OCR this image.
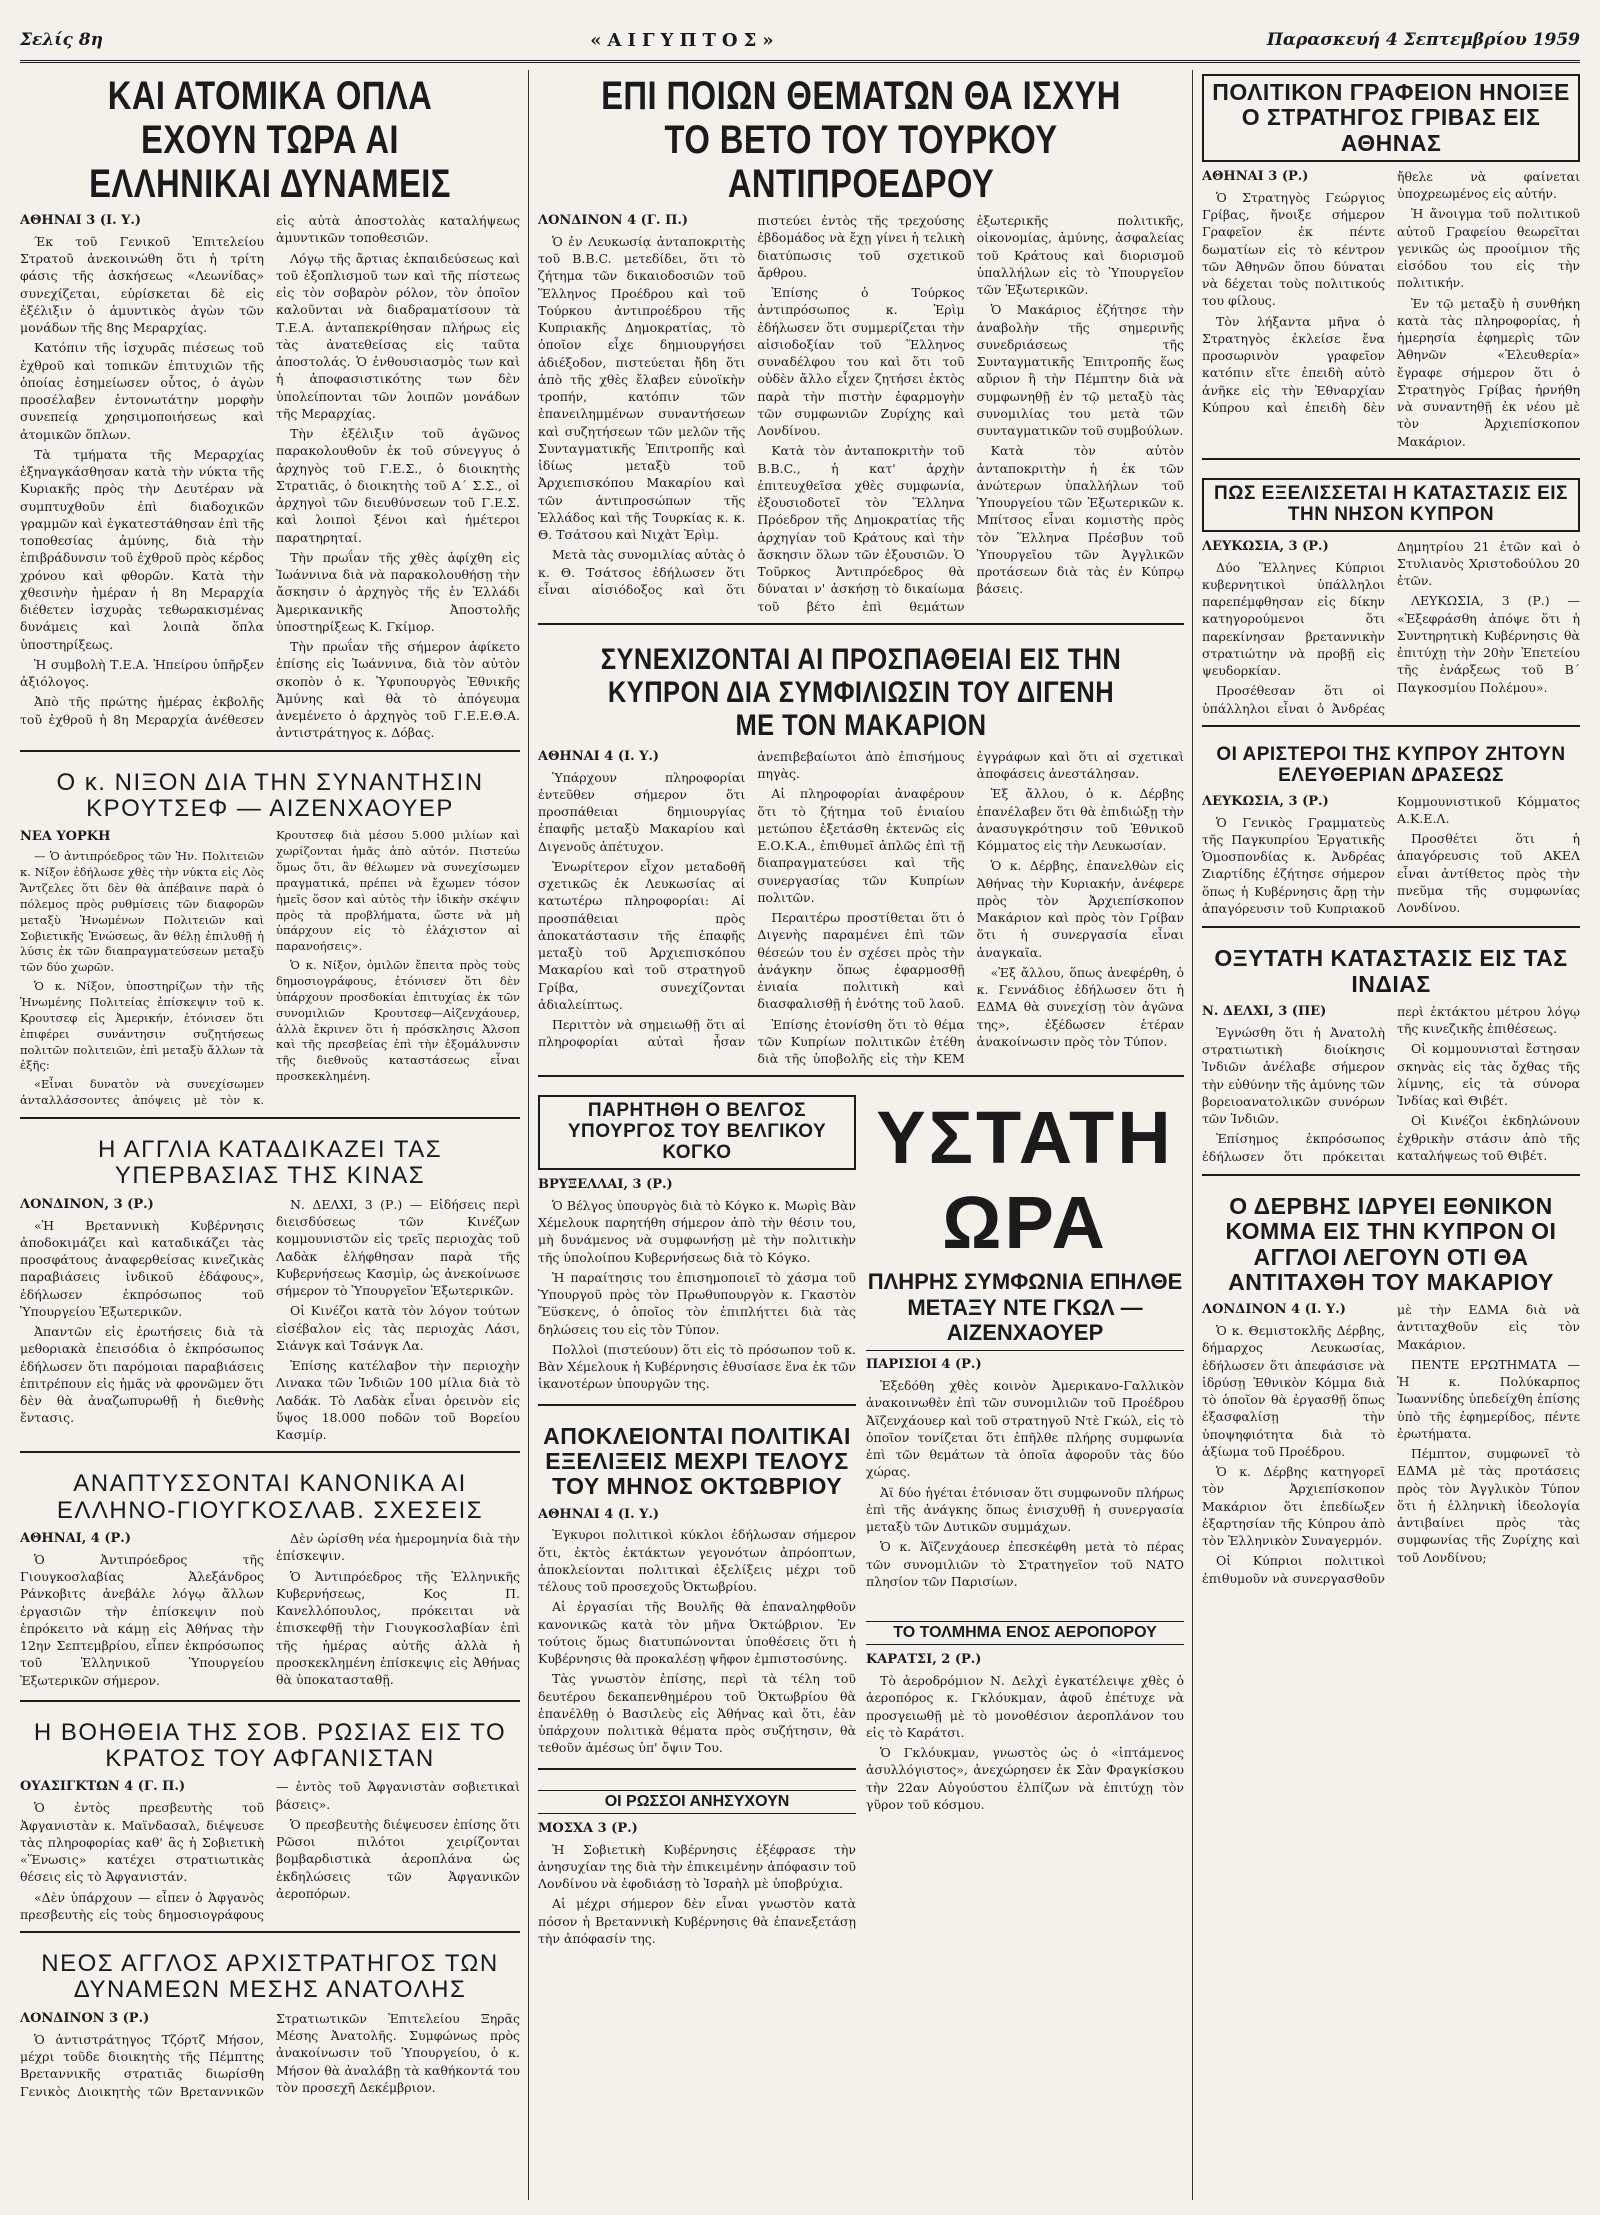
Σελίς 8η	«ΑΙΓΥΠΤΟΣ»	Παρασκευή 4 Σεπτεμβρίου 1959
ΚΑΙ ΑΤΟΜΙΚΑ ΟΠΛΑ ΕΧΟΥΝ ΤΩΡΑ ΑΙ ΕΛΛΗΝΙΚΑΙ ΔΥΝΑΜΕΙΣ
ΑΘΗΝΑΙ 3 (Ι. Υ.)

Έκ τοῦ Γενικοῦ Ἐπιτελείου Στρατοῦ ἀνεκοινώθη ὅτι ἡ τρίτη φάσις τῆς ἀσκήσεως «Λεωνίδας» συνεχίζεται, εὑρίσκεται δὲ εἰς ἐξέλιξιν ὁ ἀμυντικὸς ἀγὼν τῶν μονάδων τῆς 8ης Μεραρχίας.

Κατόπιν τῆς ἰσχυρᾶς πιέσεως τοῦ ἐχθροῦ καὶ τοπικῶν ἐπιτυχιῶν τῆς ὁποίας ἐσημείωσεν οὗτος, ὁ ἀγὼν προσέλαβεν ἐντονωτάτην μορφὴν συνεπείᾳ χρησιμοποιήσεως καὶ ἀτομικῶν ὅπλων.

Τὰ τμήματα τῆς Μεραρχίας ἐξηναγκάσθησαν κατὰ τὴν νύκτα τῆς Κυριακῆς πρὸς τὴν Δευτέραν νὰ συμπτυχθοῦν ἐπὶ διαδοχικῶν γραμμῶν καὶ ἐγκατεστάθησαν ἐπὶ τῆς τοποθεσίας ἀμύνης, διὰ τὴν ἐπιβράδυνσιν τοῦ ἐχθροῦ πρὸς κέρδος χρόνου καὶ φθορῶν. Κατὰ τὴν χθεσινὴν ἡμέραν ἡ 8η Μεραρχία διέθετεν ἰσχυρὰς τεθωρακισμένας δυνάμεις καὶ λοιπὰ ὅπλα ὑποστηρίξεως.

Ἡ συμβολὴ Τ.Ε.Α. Ἠπείρου ὑπῆρξεν ἀξιόλογος.

Ἀπὸ τῆς πρώτης ἡμέρας ἐκβολῆς τοῦ ἐχθροῦ ἡ 8η Μεραρχία ἀνέθεσεν εἰς αὐτὰ ἀποστολὰς καταλήψεως ἀμυντικῶν τοποθεσιῶν.

Λόγῳ τῆς ἄρτιας ἐκπαιδεύσεως καὶ τοῦ ἐξοπλισμοῦ των καὶ τῆς πίστεως εἰς τὸν σοβαρὸν ρόλον, τὸν ὁποῖον καλοῦνται νὰ διαδραματίσουν τὰ Τ.Ε.Α. ἀνταπεκρίθησαν πλήρως εἰς τὰς ἀνατεθείσας εἰς ταῦτα ἀποστολάς. Ὁ ἐνθουσιασμὸς των καὶ ἡ ἀποφασιστικότης των δὲν ὑπολείπονται τῶν λοιπῶν μονάδων τῆς Μεραρχίας.

Τὴν ἐξέλιξιν τοῦ ἀγῶνος παρακολουθοῦν ἐκ τοῦ σύνεγγυς ὁ ἀρχηγὸς τοῦ Γ.Ε.Σ., ὁ διοικητὴς Στρατιᾶς, ὁ διοικητὴς τοῦ Α΄ Σ.Σ., οἱ ἀρχηγοὶ τῶν διευθύνσεων τοῦ Γ.Ε.Σ. καὶ λοιποὶ ξένοι καὶ ἡμέτεροι παρατηρηταί.

Τὴν πρωΐαν τῆς χθὲς ἀφίχθη εἰς Ἰωάννινα διὰ νὰ παρακολουθήσῃ τὴν ἄσκησιν ὁ ἀρχηγὸς τῆς ἐν Ἑλλάδι Ἀμερικανικῆς Ἀποστολῆς ὑποστηρίξεως Κ. Γκίμορ.

Τὴν πρωΐαν τῆς σήμερον ἀφίκετο ἐπίσης εἰς Ἰωάννινα, διὰ τὸν αὐτὸν σκοπὸν ὁ κ. Ὑφυπουργὸς Ἐθνικῆς Ἀμύνης καὶ θὰ τὸ ἀπόγευμα ἀνεμένετο ὁ ἀρχηγὸς τοῦ Γ.Ε.Ε.Θ.Α. ἀντιστράτηγος κ. Δόβας.

Ο κ. ΝΙΞΟΝ ΔΙΑ ΤΗΝ ΣΥΝΑΝΤΗΣΙΝ ΚΡΟΥΤΣΕΦ — ΑΙΖΕΝΧΑΟΥΕΡ
ΝΕΑ ΥΟΡΚΗ

— Ὁ ἀντιπρόεδρος τῶν Ἡν. Πολιτειῶν κ. Νίξον ἐδήλωσε χθὲς τὴν νύκτα εἰς Λὸς Ἄντζελες ὅτι δὲν θὰ ἀπέβαινε παρὰ ὁ πόλεμος πρὸς ρυθμίσεις τῶν διαφορῶν μεταξὺ Ἡνωμένων Πολιτειῶν καὶ Σοβιετικῆς Ἑνώσεως, ἂν θέλῃ ἐπιλυθῇ ἡ λύσις ἐκ τῶν διαπραγματεύσεων μεταξὺ τῶν δύο χωρῶν.

Ὁ κ. Νίξον, ὑποστηρίζων τὴν τῆς Ἡνωμένης Πολιτείας ἐπίσκεψιν τοῦ κ. Κρουτσεφ εἰς Ἀμερικήν, ἐτόνισεν ὅτι ἐπιφέρει συνάντησιν συζητήσεως πολιτῶν πολιτειῶν, ἐπὶ μεταξὺ ἄλλων τὰ ἑξῆς:

«Εἶναι δυνατὸν νὰ συνεχίσωμεν ἀνταλλάσσοντες ἀπόψεις μὲ τὸν κ. Κρουτσεφ διὰ μέσου 5.000 μιλίων καὶ χωρίζονται ἡμᾶς ἀπὸ αὐτόν. Πιστεύω ὅμως ὅτι, ἂν θέλωμεν νὰ συνεχίσωμεν πραγματικά, πρέπει νὰ ἔχωμεν τόσον ἡμεῖς ὅσον καὶ αὐτὸς τὴν ἰδικὴν σκέψιν πρὸς τὰ προβλήματα, ὥστε νὰ μὴ ὑπάρχουν εἰς τὸ ἐλάχιστον αἱ παρανοήσεις».

Ὁ κ. Νίξον, ὁμιλῶν ἔπειτα πρὸς τοὺς δημοσιογράφους, ἐτόνισεν ὅτι δὲν ὑπάρχουν προσδοκίαι ἐπιτυχίας ἐκ τῶν συνομιλιῶν Κρουτσεφ—Αἰζενχάουερ, ἀλλὰ ἔκρινεν ὅτι ἡ πρόσκλησις Ἀλσοπ καὶ τῆς πρεσβείας ἐπὶ τὴν ἐξομάλυνσιν τῆς διεθνοῦς καταστάσεως εἶναι προσκεκλημένη.

Η ΑΓΓΛΙΑ ΚΑΤΑΔΙΚΑΖΕΙ ΤΑΣ ΥΠΕΡΒΑΣΙΑΣ ΤΗΣ ΚΙΝΑΣ
ΛΟΝΔΙΝΟΝ, 3 (Ρ.)

«Ἡ Βρεταννικὴ Κυβέρνησις ἀποδοκιμάζει καὶ καταδικάζει τὰς προσφάτους ἀναφερθείσας κινεζικὰς παραβιάσεις ἰνδικοῦ ἐδάφους», ἐδήλωσεν ἐκπρόσωπος τοῦ Ὑπουργείου Ἐξωτερικῶν.

Ἀπαντῶν εἰς ἐρωτήσεις διὰ τὰ μεθοριακὰ ἐπεισόδια ὁ ἐκπρόσωπος ἐδήλωσεν ὅτι παρόμοιαι παραβιάσεις ἐπιτρέπουν εἰς ἡμᾶς νὰ φρονῶμεν ὅτι δὲν θὰ ἀναζωπυρωθῇ ἡ διεθνὴς ἔντασις.

Ν. ΔΕΛΧΙ, 3 (Ρ.) — Εἰδήσεις περὶ διεισδύσεως τῶν Κινέζων κομμουνιστῶν εἰς τρεῖς περιοχὰς τοῦ Λαδὰκ ἐλήφθησαν παρὰ τῆς Κυβερνήσεως Κασμὶρ, ὡς ἀνεκοίνωσε σήμερον τὸ Ὑπουργεῖον Ἐξωτερικῶν.

Οἱ Κινέζοι κατὰ τὸν λόγον τούτων εἰσέβαλον εἰς τὰς περιοχὰς Λάσι, Σιάνγκ καὶ Τσάνγκ Λα.

Ἐπίσης κατέλαβον τὴν περιοχὴν Λινακα τῶν Ἰνδιῶν 100 μίλια διὰ τὸ Λαδάκ. Τὸ Λαδὰκ εἶναι ὁρεινὸν εἰς ὕψος 18.000 ποδῶν τοῦ Βορείου Κασμίρ.

ΑΝΑΠΤΥΣΣΟΝΤΑΙ ΚΑΝΟΝΙΚΑ ΑΙ ΕΛΛΗΝΟ-ΓΙΟΥΓΚΟΣΛΑΒ. ΣΧΕΣΕΙΣ
ΑΘΗΝΑΙ, 4 (Ρ.)

Ὁ Ἀντιπρόεδρος τῆς Γιουγκοσλαβίας Ἀλεξάνδρος Ράνκοβιτς ἀνεβάλε λόγῳ ἄλλων ἐργασιῶν τὴν ἐπίσκεψιν ποὺ ἐπρόκειτο νὰ κάμῃ εἰς Ἀθήνας τὴν 12ην Σεπτεμβρίου, εἶπεν ἐκπρόσωπος τοῦ Ἑλληνικοῦ Ὑπουργείου Ἐξωτερικῶν σήμερον.

Δὲν ὡρίσθη νέα ἡμερομηνία διὰ τὴν ἐπίσκεψιν.

Ὁ Ἀντιπρόεδρος τῆς Ἑλληνικῆς Κυβερνήσεως, Κος Π. Κανελλόπουλος, πρόκειται νὰ ἐπισκεφθῇ τὴν Γιουγκοσλαβίαν ἐπὶ τῆς ἡμέρας αὐτῆς ἀλλὰ ἡ προσκεκλημένη ἐπίσκεψις εἰς Ἀθήνας θὰ ὑποκατασταθῇ.

Η ΒΟΗΘΕΙΑ ΤΗΣ ΣΟΒ. ΡΩΣΙΑΣ ΕΙΣ ΤΟ ΚΡΑΤΟΣ ΤΟΥ ΑΦΓΑΝΙΣΤΑΝ
ΟΥΑΣΙΓΚΤΩΝ 4 (Γ. Π.)

Ὁ ἐντὸς πρεσβευτὴς τοῦ Ἀφγανιστὰν κ. Μαϊνδασαλ, διέψευσε τὰς πληροφορίας καθ' ἃς ἡ Σοβιετικὴ «Ἕνωσις» κατέχει στρατιωτικὰς θέσεις εἰς τὸ Ἀφγανιστάν.

«Δὲν ὑπάρχουν — εἶπεν ὁ Ἀφγανὸς πρεσβευτὴς εἰς τοὺς δημοσιογράφους — ἐντὸς τοῦ Ἀφγανιστὰν σοβιετικαὶ βάσεις».

Ὁ πρεσβευτὴς διέψευσεν ἐπίσης ὅτι Ρῶσοι πιλότοι χειρίζονται βομβαρδιστικὰ ἀεροπλάνα ὡς ἐκδηλώσεις τῶν Ἀφγανικῶν ἀεροπόρων.

ΝΕΟΣ ΑΓΓΛΟΣ ΑΡΧΙΣΤΡΑΤΗΓΟΣ ΤΩΝ ΔΥΝΑΜΕΩΝ ΜΕΣΗΣ ΑΝΑΤΟΛΗΣ
ΛΟΝΔΙΝΟΝ 3 (Ρ.)

Ὁ ἀντιστράτηγος Τζόρτζ Μήσον, μέχρι τοῦδε διοικητὴς τῆς Πέμπτης Βρεταννικῆς στρατιᾶς διωρίσθη Γενικὸς Διοικητὴς τῶν Βρεταννικῶν Στρατιωτικῶν Ἐπιτελείου Ξηρᾶς Μέσης Ἀνατολῆς. Συμφώνως πρὸς ἀνακοίνωσιν τοῦ Ὑπουργείου, ὁ κ. Μήσον θὰ ἀναλάβῃ τὰ καθήκοντά του τὸν προσεχῆ Δεκέμβριον.

ΕΠΙ ΠΟΙΩΝ ΘΕΜΑΤΩΝ ΘΑ ΙΣΧΥΗ ΤΟ ΒΕΤΟ ΤΟΥ ΤΟΥΡΚΟΥ ΑΝΤΙΠΡΟΕΔΡΟΥ
ΛΟΝΔΙΝΟΝ 4 (Γ. Π.)

Ὁ ἐν Λευκωσίᾳ ἀνταποκριτὴς τοῦ B.B.C. μετεδίδει, ὅτι τὸ ζήτημα τῶν δικαιοδοσιῶν τοῦ Ἕλληνος Προέδρου καὶ τοῦ Τούρκου ἀντιπροέδρου τῆς Κυπριακῆς Δημοκρατίας, τὸ ὁποῖον εἶχε δημιουργήσει ἀδιέξοδον, πιστεύεται ἤδη ὅτι ἀπὸ τῆς χθὲς ἔλαβεν εὐνοϊκὴν τροπήν, κατόπιν τῶν ἐπανειλημμένων συναντήσεων καὶ συζητήσεων τῶν μελῶν τῆς Συνταγματικῆς Ἐπιτροπῆς καὶ ἰδίως μεταξὺ τοῦ Ἀρχιεπισκόπου Μακαρίου καὶ τῶν ἀντιπροσώπων τῆς Ἑλλάδος καὶ τῆς Τουρκίας κ. κ. Θ. Τσάτσου καὶ Νιχὰτ Ἐρὶμ.

Μετὰ τὰς συνομιλίας αὐτὰς ὁ κ. Θ. Τσάτσος ἐδήλωσεν ὅτι εἶναι αἰσιόδοξος καὶ ὅτι πιστεύει ἐντὸς τῆς τρεχούσης ἑβδομάδος νὰ ἔχῃ γίνει ἡ τελικὴ διατύπωσις τοῦ σχετικοῦ ἄρθρου.

Ἐπίσης ὁ Τούρκος ἀντιπρόσωπος κ. Ἐρὶμ ἐδήλωσεν ὅτι συμμερίζεται τὴν αἰσιοδοξίαν τοῦ Ἕλληνος συναδέλφου του καὶ ὅτι τοῦ οὐδὲν ἄλλο εἶχεν ζητήσει ἐκτὸς παρὰ τὴν πιστὴν ἐφαρμογὴν τῶν συμφωνιῶν Ζυρίχης καὶ Λονδίνου.

Κατὰ τὸν ἀνταποκριτὴν τοῦ B.B.C., ἡ κατ' ἀρχὴν ἐπιτευχθεῖσα χθὲς συμφωνία, ἐξουσιοδοτεῖ τὸν Ἕλληνα Πρόεδρον τῆς Δημοκρατίας τῆς ἀρχηγίαν τοῦ Κράτους καὶ τὴν ἄσκησιν ὅλων τῶν ἐξουσιῶν. Ὁ Τοῦρκος Ἀντιπρόεδρος θὰ δύναται ν' ἀσκήσῃ τὸ δικαίωμα τοῦ βέτο ἐπὶ θεμάτων ἐξωτερικῆς πολιτικῆς, οἰκονομίας, ἀμύνης, ἀσφαλείας τοῦ Κράτους καὶ διορισμοῦ ὑπαλλήλων εἰς τὸ Ὑπουργεῖον τῶν Ἐξωτερικῶν.

Ὁ Μακάριος ἐζήτησε τὴν ἀναβολὴν τῆς σημερινῆς συνεδριάσεως τῆς Συνταγματικῆς Ἐπιτροπῆς ἕως αὔριον ἢ τὴν Πέμπτην διὰ νὰ συμφωνηθῇ ἐν τῷ μεταξὺ τὰς συνομιλίας του μετὰ τῶν συνταγματικῶν τοῦ συμβούλων.

Κατὰ τὸν αὐτὸν ἀνταποκριτὴν ἡ ἐκ τῶν ἀνώτερων ὑπαλλήλων τοῦ Ὑπουργείου τῶν Ἐξωτερικῶν κ. Μπίτσος εἶναι κομιστὴς πρὸς τὸν Ἕλληνα Πρέσβυν τοῦ Ὑπουργεῖου τῶν Ἀγγλικῶν προτάσεων διὰ τὰς ἐν Κύπρῳ βάσεις.

ΣΥΝΕΧΙΖΟΝΤΑΙ ΑΙ ΠΡΟΣΠΑΘΕΙΑΙ ΕΙΣ ΤΗΝ ΚΥΠΡΟΝ ΔΙΑ ΣΥΜΦΙΛΙΩΣΙΝ ΤΟΥ ΔΙΓΕΝΗ ΜΕ ΤΟΝ ΜΑΚΑΡΙΟΝ
ΑΘΗΝΑΙ 4 (Ι. Υ.)

Ὑπάρχουν πληροφορίαι ἐντεῦθεν σήμερον ὅτι προσπάθειαι δημιουργίας ἐπαφῆς μεταξὺ Μακαρίου καὶ Διγενοῦς ἀπέτυχον.

Ἐνωρίτερον εἶχον μεταδοθῆ σχετικῶς ἐκ Λευκωσίας αἱ κατωτέρω πληροφορίαι: Αἱ προσπάθειαι πρὸς ἀποκατάστασιν τῆς ἐπαφῆς μεταξὺ τοῦ Ἀρχιεπισκόπου Μακαρίου καὶ τοῦ στρατηγοῦ Γρίβα, συνεχίζονται ἀδιαλείπτως.

Περιττὸν νὰ σημειωθῇ ὅτι αἱ πληροφορίαι αὐταὶ ἦσαν ἀνεπιβεβαίωτοι ἀπὸ ἐπισήμους πηγὰς.

Αἱ πληροφορίαι ἀναφέρουν ὅτι τὸ ζήτημα τοῦ ἑνιαίου μετώπου ἐξετάσθη ἐκτενῶς εἰς Ε.Ο.Κ.Α., ἐπιθυμεῖ ἁπλῶς ἐπὶ τῇ διαπραγματεύσει καὶ τῆς συνεργασίας τῶν Κυπρίων πολιτῶν.

Περαιτέρω προστίθεται ὅτι ὁ Διγενὴς παραμένει ἐπὶ τῶν θέσεών του ἐν σχέσει πρὸς τὴν ἀνάγκην ὅπως ἐφαρμοσθῇ ἑνιαία πολιτικὴ καὶ διασφαλισθῇ ἡ ἑνότης τοῦ λαοῦ.

Ἐπίσης ἐτονίσθη ὅτι τὸ θέμα τῶν Κυπρίων πολιτικῶν ἐτέθη διὰ τῆς ὑποβολῆς εἰς τὴν ΚΕΜ ἐγγράφων καὶ ὅτι αἱ σχετικαὶ ἀποφάσεις ἀνεστάλησαν.

Ἐξ ἄλλου, ὁ κ. Δέρβης ἐπανέλαβεν ὅτι θὰ ἐπιδιώξῃ τὴν ἀνασυγκρότησιν τοῦ Ἐθνικοῦ Κόμματος εἰς τὴν Λευκωσίαν.

Ὁ κ. Δέρβης, ἐπανελθὼν εἰς Ἀθήνας τὴν Κυριακήν, ἀνέφερε πρὸς τὸν Ἀρχιεπίσκοπον Μακάριον καὶ πρὸς τὸν Γρίβαν ὅτι ἡ συνεργασία εἶναι ἀναγκαῖα.

«Ἐξ ἄλλου, ὅπως ἀνεφέρθη, ὁ κ. Γεννάδιος ἐδήλωσεν ὅτι ἡ ΕΔΜΑ θὰ συνεχίσῃ τὸν ἀγῶνα της», ἐξέδωσεν ἑτέραν ἀνακοίνωσιν πρὸς τὸν Τύπον.

ΠΑΡΗΤΗΘΗ Ο ΒΕΛΓΟΣ ΥΠΟΥΡΓΟΣ ΤΟΥ ΒΕΛΓΙΚΟΥ ΚΟΓΚΟ
ΒΡΥΞΕΛΛΑΙ, 3 (Ρ.)

Ὁ Βέλγος ὑπουργὸς διὰ τὸ Κόγκο κ. Μωρὶς Βὰν Χέμελουκ παρητήθη σήμερον ἀπὸ τὴν θέσιν του, μὴ δυνάμενος νὰ συμφωνήσῃ μὲ τὴν πολιτικὴν τῆς ὑπολοίπου Κυβερνήσεως διὰ τὸ Κόγκο.

Ἡ παραίτησις του ἐπισημοποιεῖ τὸ χάσμα τοῦ Ὑπουργοῦ πρὸς τὸν Πρωθυπουργὸν κ. Γκαστὸν Ἔϋσκενς, ὁ ὁποῖος τὸν ἐπιπλήττει διὰ τὰς δηλώσεις του εἰς τὸν Τύπον.

Πολλοὶ (πιστεύουν) ὅτι εἰς τὸ πρόσωπον τοῦ κ. Βὰν Χέμελουκ ἡ Κυβέρνησις ἐθυσίασε ἕνα ἐκ τῶν ἱκανοτέρων ὑπουργῶν της.

ΑΠΟΚΛΕΙΟΝΤΑΙ ΠΟΛΙΤΙΚΑΙ ΕΞΕΛΙΞΕΙΣ ΜΕΧΡΙ ΤΕΛΟΥΣ ΤΟΥ ΜΗΝΟΣ ΟΚΤΩΒΡΙΟΥ
ΑΘΗΝΑΙ 4 (Ι. Υ.)

Ἐγκυροι πολιτικοὶ κύκλοι ἐδήλωσαν σήμερον ὅτι, ἐκτὸς ἐκτάκτων γεγονότων ἀπρόοπτων, ἀποκλείονται πολιτικαὶ ἐξελίξεις μέχρι τοῦ τέλους τοῦ προσεχοῦς Ὀκτωβρίου.

Αἱ ἐργασίαι τῆς Βουλῆς θὰ ἐπαναληφθοῦν κανονικῶς κατὰ τὸν μῆνα Ὀκτώβριον. Ἐν τούτοις ὅμως διατυπώνονται ὑποθέσεις ὅτι ἡ Κυβέρνησις θὰ προκαλέσῃ ψῆφον ἐμπιστοσύνης.

Τὰς γνωστὸν ἐπίσης, περὶ τὰ τέλη τοῦ δευτέρου δεκαπενθημέρου τοῦ Ὀκτωβρίου θὰ ἐπανέλθῃ ὁ Βασιλεὺς εἰς Ἀθήνας καὶ ὅτι, ἐὰν ὑπάρχουν πολιτικὰ θέματα πρὸς συζήτησιν, θὰ τεθοῦν ἀμέσως ὑπ' ὄψιν Του.

ΟΙ ΡΩΣΣΟΙ ΑΝΗΣΥΧΟΥΝ
ΜΟΣΧΑ 3 (Ρ.)

Ἡ Σοβιετικὴ Κυβέρνησις ἐξέφρασε τὴν ἀνησυχίαν της διὰ τὴν ἐπικειμένην ἀπόφασιν τοῦ Λονδίνου νὰ ἐφοδιάσῃ τὸ Ἰσραὴλ μὲ ὑποβρύχια.

Αἱ μέχρι σήμερον δὲν εἶναι γνωστὸν κατὰ πόσον ἡ Βρεταννικὴ Κυβέρνησις θὰ ἐπανεξετάσῃ τὴν ἀπόφασίν της.

ΥΣΤΑΤΗ ΩΡΑ
ΠΛΗΡΗΣ ΣΥΜΦΩΝΙΑ ΕΠΗΛΘΕ ΜΕΤΑΞΥ ΝΤΕ ΓΚΩΛ — ΑΙΖΕΝΧΑΟΥΕΡ
ΠΑΡΙΣΙΟΙ 4 (Ρ.)

Ἐξεδόθη χθὲς κοινὸν Ἀμερικανο-Γαλλικὸν ἀνακοινωθὲν ἐπὶ τῶν συνομιλιῶν τοῦ Προέδρου Ἀϊζενχάουερ καὶ τοῦ στρατηγοῦ Ντὲ Γκώλ, εἰς τὸ ὁποῖον τονίζεται ὅτι ἐπῆλθε πλήρης συμφωνία ἐπὶ τῶν θεμάτων τὰ ὁποῖα ἀφοροῦν τὰς δύο χώρας.

Ἀϊ δύο ἡγέται ἐτόνισαν ὅτι συμφωνοῦν πλήρως ἐπὶ τῆς ἀνάγκης ὅπως ἐνισχυθῇ ἡ συνεργασία μεταξὺ τῶν Δυτικῶν συμμάχων.

Ὁ κ. Ἀϊζενχάουερ ἐπεσκέφθη μετὰ τὸ πέρας τῶν συνομιλιῶν τὸ Στρατηγεῖον τοῦ ΝΑΤΟ πλησίον τῶν Παρισίων.

ΤΟ ΤΟΛΜΗΜΑ ΕΝΟΣ ΑΕΡΟΠΟΡΟΥ
ΚΑΡΑΤΣΙ, 2 (Ρ.)

Τὸ ἀεροδρόμιον Ν. Δελχὶ ἐγκατέλειψε χθὲς ὁ ἀεροπόρος κ. Γκλόυκμαν, ἀφοῦ ἐπέτυχε νὰ προσγειωθῇ μὲ τὸ μονοθέσιον ἀεροπλάνον του εἰς τὸ Καράτσι.

Ὁ Γκλόυκμαν, γνωστὸς ὡς ὁ «ἱπτάμενος ἀσυλλόγιστος», ἀνεχώρησεν ἐκ Σὰν Φραγκίσκου τὴν 22αν Αὐγούστου ἐλπίζων νὰ ἐπιτύχῃ τὸν γῦρον τοῦ κόσμου.

ΠΟΛΙΤΙΚΟΝ ΓΡΑΦΕΙΟΝ ΗΝΟΙΞΕ Ο ΣΤΡΑΤΗΓΟΣ ΓΡΙΒΑΣ ΕΙΣ ΑΘΗΝΑΣ
ΑΘΗΝΑΙ 3 (Ρ.)

Ὁ Στρατηγὸς Γεώργιος Γρίβας, ἤνοιξε σήμερον Γραφεῖον ἐκ πέντε δωματίων εἰς τὸ κέντρον τῶν Ἀθηνῶν ὅπου δύναται νὰ δέχεται τοὺς πολιτικούς του φίλους.

Τὸν λήξαντα μῆνα ὁ Στρατηγὸς ἐκλείσε ἔνα προσωρινὸν γραφεῖον κατόπιν εἴτε ἐπειδὴ αὐτὸ ἀνῆκε εἰς τὴν Ἐθναρχίαν Κύπρου καὶ ἐπειδὴ δὲν ἤθελε νὰ φαίνεται ὑποχρεωμένος εἰς αὐτήν.

Ἡ ἄνοιγμα τοῦ πολιτικοῦ αὐτοῦ Γραφείου θεωρεῖται γενικῶς ὡς προοίμιον τῆς εἰσόδου του εἰς τὴν πολιτικήν.

Ἐν τῷ μεταξὺ ἡ συνθήκη κατὰ τὰς πληροφορίας, ἡ ἡμερησία ἐφημερὶς τῶν Ἀθηνῶν «Ἐλευθερία» ἔγραφε σήμερον ὅτι ὁ Στρατηγὸς Γρίβας ἠρνήθη νὰ συναντηθῇ ἐκ νέου μὲ τὸν Ἀρχιεπίσκοπον Μακάριον.

ΠΩΣ ΕΞΕΛΙΣΣΕΤΑΙ Η ΚΑΤΑΣΤΑΣΙΣ ΕΙΣ ΤΗΝ ΝΗΣΟΝ ΚΥΠΡΟΝ
ΛΕΥΚΩΣΙΑ, 3 (Ρ.)

Δύο Ἕλληνες Κύπριοι κυβερνητικοὶ ὑπάλληλοι παρεπέμφθησαν εἰς δίκην κατηγορούμενοι ὅτι παρεκίνησαν βρεταννικὴν στρατιώτην νὰ προβῇ εἰς ψευδορκίαν.

Προσέθεσαν ὅτι οἱ ὑπάλληλοι εἶναι ὁ Ἀνδρέας Δημητρίου 21 ἐτῶν καὶ ὁ Στυλιανὸς Χριστοδούλου 20 ἐτῶν.

ΛΕΥΚΩΣΙΑ, 3 (Ρ.) — «Ἐξεφράσθη ἀπόψε ὅτι ἡ Συντηρητικὴ Κυβέρνησις θὰ ἐπιτύχῃ τὴν 20ὴν Ἐπετείου τῆς ἐνάρξεως τοῦ Β΄ Παγκοσμίου Πολέμου».

ΟΙ ΑΡΙΣΤΕΡΟΙ ΤΗΣ ΚΥΠΡΟΥ ΖΗΤΟΥΝ ΕΛΕΥΘΕΡΙΑΝ ΔΡΑΣΕΩΣ
ΛΕΥΚΩΣΙΑ, 3 (Ρ.)

Ὁ Γενικὸς Γραμματεὺς τῆς Παγκυπρίου Ἐργατικῆς Ὁμοσπονδίας κ. Ἀνδρέας Ζιαρτίδης ἐζήτησε σήμερον ὅπως ἡ Κυβέρνησις ἄρῃ τὴν ἀπαγόρευσιν τοῦ Κυπριακοῦ Κομμουνιστικοῦ Κόμματος Α.Κ.Ε.Λ.

Προσθέτει ὅτι ἡ ἀπαγόρευσις τοῦ ΑΚΕΛ εἶναι ἀντίθετος πρὸς τὴν πνεῦμα τῆς συμφωνίας Λονδίνου.

ΟΞΥΤΑΤΗ ΚΑΤΑΣΤΑΣΙΣ ΕΙΣ ΤΑΣ ΙΝΔΙΑΣ
Ν. ΔΕΛΧΙ, 3 (ΠΕ)

Ἐγνώσθη ὅτι ἡ Ἀνατολὴ στρατιωτικὴ διοίκησις Ἰνδιῶν ἀνέλαβε σήμερον τὴν εὐθύνην τῆς ἀμύνης τῶν βορειοανατολικῶν συνόρων τῶν Ἰνδιῶν.

Ἐπίσημος ἐκπρόσωπος ἐδήλωσεν ὅτι πρόκειται περὶ ἐκτάκτου μέτρου λόγῳ τῆς κινεζικῆς ἐπιθέσεως.

Οἱ κομμουνισταὶ ἔστησαν σκηνὰς εἰς τὰς ὄχθας τῆς λίμνης, εἰς τὰ σύνορα Ἰνδίας καὶ Θιβέτ.

Οἱ Κινέζοι ἐκδηλώνουν ἐχθρικὴν στάσιν ἀπὸ τῆς καταλήψεως τοῦ Θιβέτ.

Ο ΔΕΡΒΗΣ ΙΔΡΥΕΙ ΕΘΝΙΚΟΝ ΚΟΜΜΑ ΕΙΣ ΤΗΝ ΚΥΠΡΟΝ ΟΙ ΑΓΓΛΟΙ ΛΕΓΟΥΝ ΟΤΙ ΘΑ ΑΝΤΙΤΑΧΘΗ ΤΟΥ ΜΑΚΑΡΙΟΥ
ΛΟΝΔΙΝΟΝ 4 (Ι. Υ.)

Ὁ κ. Θεμιστοκλῆς Δέρβης, δήμαρχος Λευκωσίας, ἐδήλωσεν ὅτι ἀπεφάσισε νὰ ἱδρύσῃ Ἐθνικὸν Κόμμα διὰ τὸ ὁποῖον θὰ ἐργασθῇ ὅπως ἐξασφαλίσῃ τὴν ὑποψηφιότητα διὰ τὸ ἀξίωμα τοῦ Προέδρου.

Ὁ κ. Δέρβης κατηγορεῖ τὸν Ἀρχιεπίσκοπον Μακάριον ὅτι ἐπεδίωξεν ἐξαρτησίαν τῆς Κύπρου ἀπὸ τὸν Ἑλληνικὸν Συναγερμόν.

Οἱ Κύπριοι πολιτικοὶ ἐπιθυμοῦν νὰ συνεργασθοῦν μὲ τὴν ΕΔΜΑ διὰ νὰ ἀντιταχθοῦν εἰς τὸν Μακάριον.

ΠΕΝΤΕ ΕΡΩΤΗΜΑΤΑ — Ἡ κ. Πολύκαρπος Ἰωαννίδης ὑπεδείχθη ἐπίσης ὑπὸ τῆς ἐφημερίδος, πέντε ἐρωτήματα.

Πέμπτον, συμφωνεῖ τὸ ΕΔΜΑ μὲ τὰς προτάσεις πρὸς τὸν Ἀγγλικὸν Τύπον ὅτι ἡ ἑλληνικὴ ἰδεολογία ἀντιβαίνει πρὸς τὰς συμφωνίας τῆς Ζυρίχης καὶ τοῦ Λονδίνου;
